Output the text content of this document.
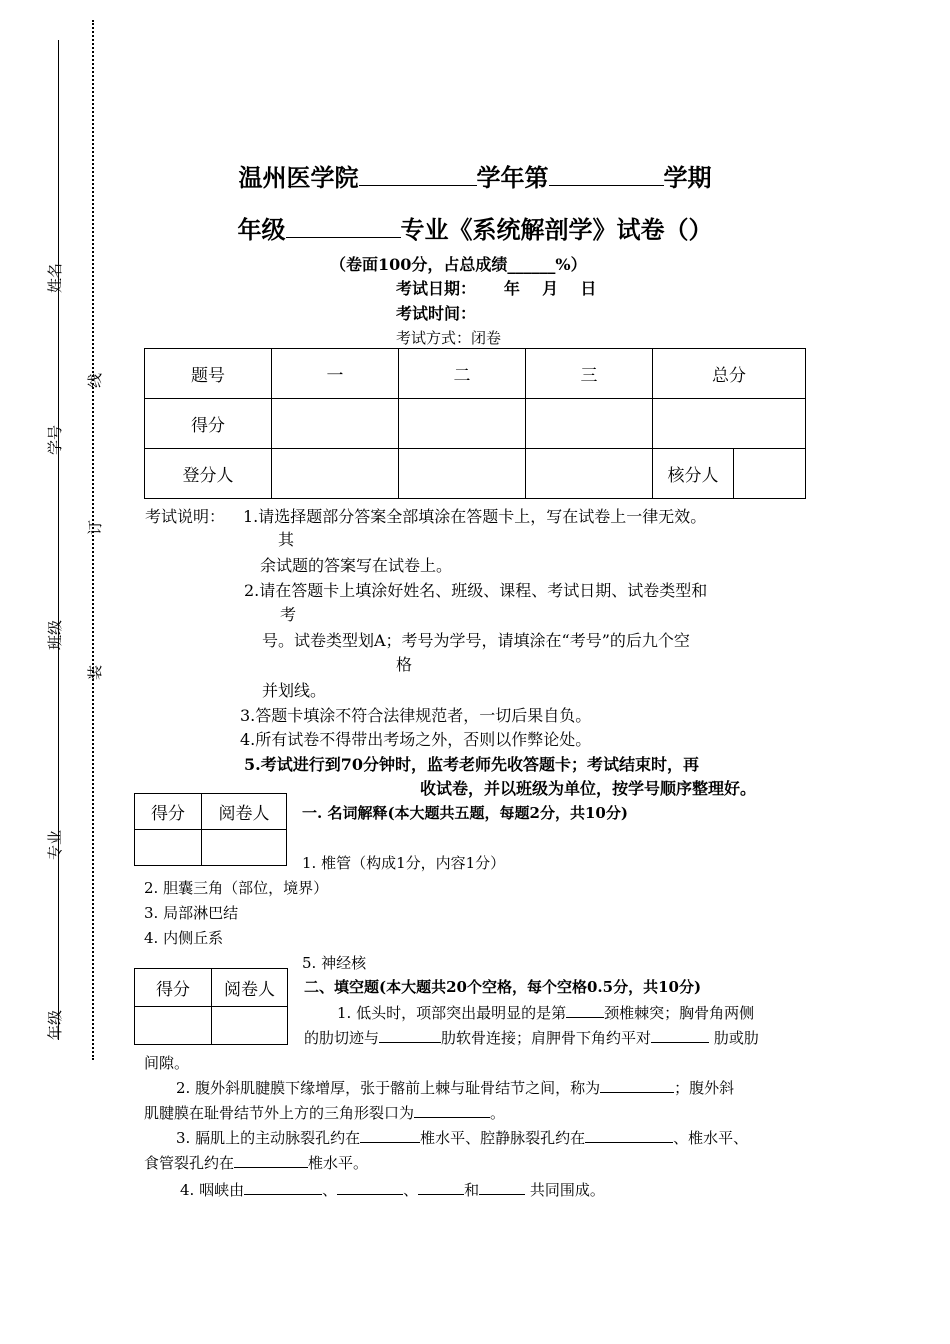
姓名
学号
班级
专业
年级
线
订
装
温州医学院	学年第	学期
年级	专业《系统解剖学》试卷（）
（卷面100分，占总成绩______%）
考试日期：     年    月    日
考试时间：
考试方式：闭卷
题号	一	二	三	总分	
得分					
登分人				核分人	
考试说明： 1.请选择题部分答案全部填涂在答题卡上，写在试卷上一律无效。
其
余试题的答案写在试卷上。
2.请在答题卡上填涂好姓名、班级、课程、考试日期、试卷类型和
考
号。试卷类型划A；考号为学号，请填涂在“考号”的后九个空
格
并划线。
3.答题卡填涂不符合法律规范者，一切后果自负。
4.所有试卷不得带出考场之外，否则以作弊论处。
5.考试进行到70分钟时，监考老师先收答题卡；考试结束时，再
收试卷，并以班级为单位，按学号顺序整理好。
得分	阅卷人
	一. 名词解释(本大题共五题，每题2分，共10分)
1. 椎管（构成1分，内容1分）
2. 胆囊三角（部位，境界）
3. 局部淋巴结
4. 内侧丘系
5. 神经核
得分	阅卷人
	二、填空题(本大题共20个空格，每个空格0.5分，共10分)
1. 低头时，项部突出最明显的是第	颈椎棘突；胸骨角两侧
的肋切迹与	肋软骨连接；肩胛骨下角约平对	肋或肋
间隙。
2. 腹外斜肌腱膜下缘增厚，张于髂前上棘与耻骨结节之间，称为	；腹外斜
肌腱膜在耻骨结节外上方的三角形裂口为	。
3. 膈肌上的主动脉裂孔约在	椎水平、腔静脉裂孔约在	、椎水平、
食管裂孔约在	椎水平。
4. 咽峡由	、	、	和	共同围成。
